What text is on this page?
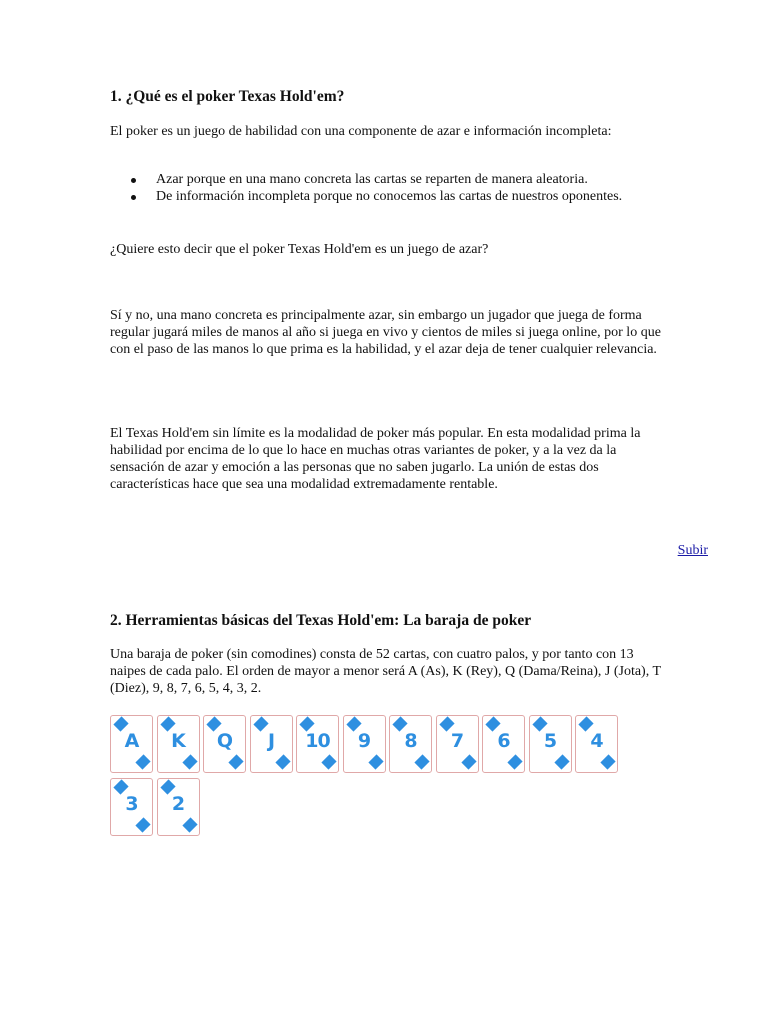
1. ¿Qué es el poker Texas Hold'em?
El poker es un juego de habilidad con una componente de azar e información incompleta:
Azar porque en una mano concreta las cartas se reparten de manera aleatoria.
De información incompleta porque no conocemos las cartas de nuestros oponentes.
¿Quiere esto decir que el poker Texas Hold'em es un juego de azar?
Sí y no, una mano concreta es principalmente azar, sin embargo un jugador que juega de forma regular jugará miles de manos al año si juega en vivo y cientos de miles si juega online, por lo que con el paso de las manos lo que prima es la habilidad, y el azar deja de tener cualquier relevancia.
El Texas Hold'em sin límite es la modalidad de poker más popular. En esta modalidad prima la habilidad por encima de lo que lo hace en muchas otras variantes de poker, y a la vez da la sensación de azar y emoción a las personas que no saben jugarlo. La unión de estas dos características hace que sea una modalidad extremadamente rentable.
Subir
2. Herramientas básicas del Texas Hold'em: La baraja de poker
Una baraja de poker (sin comodines) consta de 52 cartas, con cuatro palos, y por tanto con 13 naipes de cada palo. El orden de mayor a menor será A (As), K (Rey), Q (Dama/Reina), J (Jota), T (Diez), 9, 8, 7, 6, 5, 4, 3, 2.
A	K	Q	J	10	9	8	7	6	5	4
3	2
